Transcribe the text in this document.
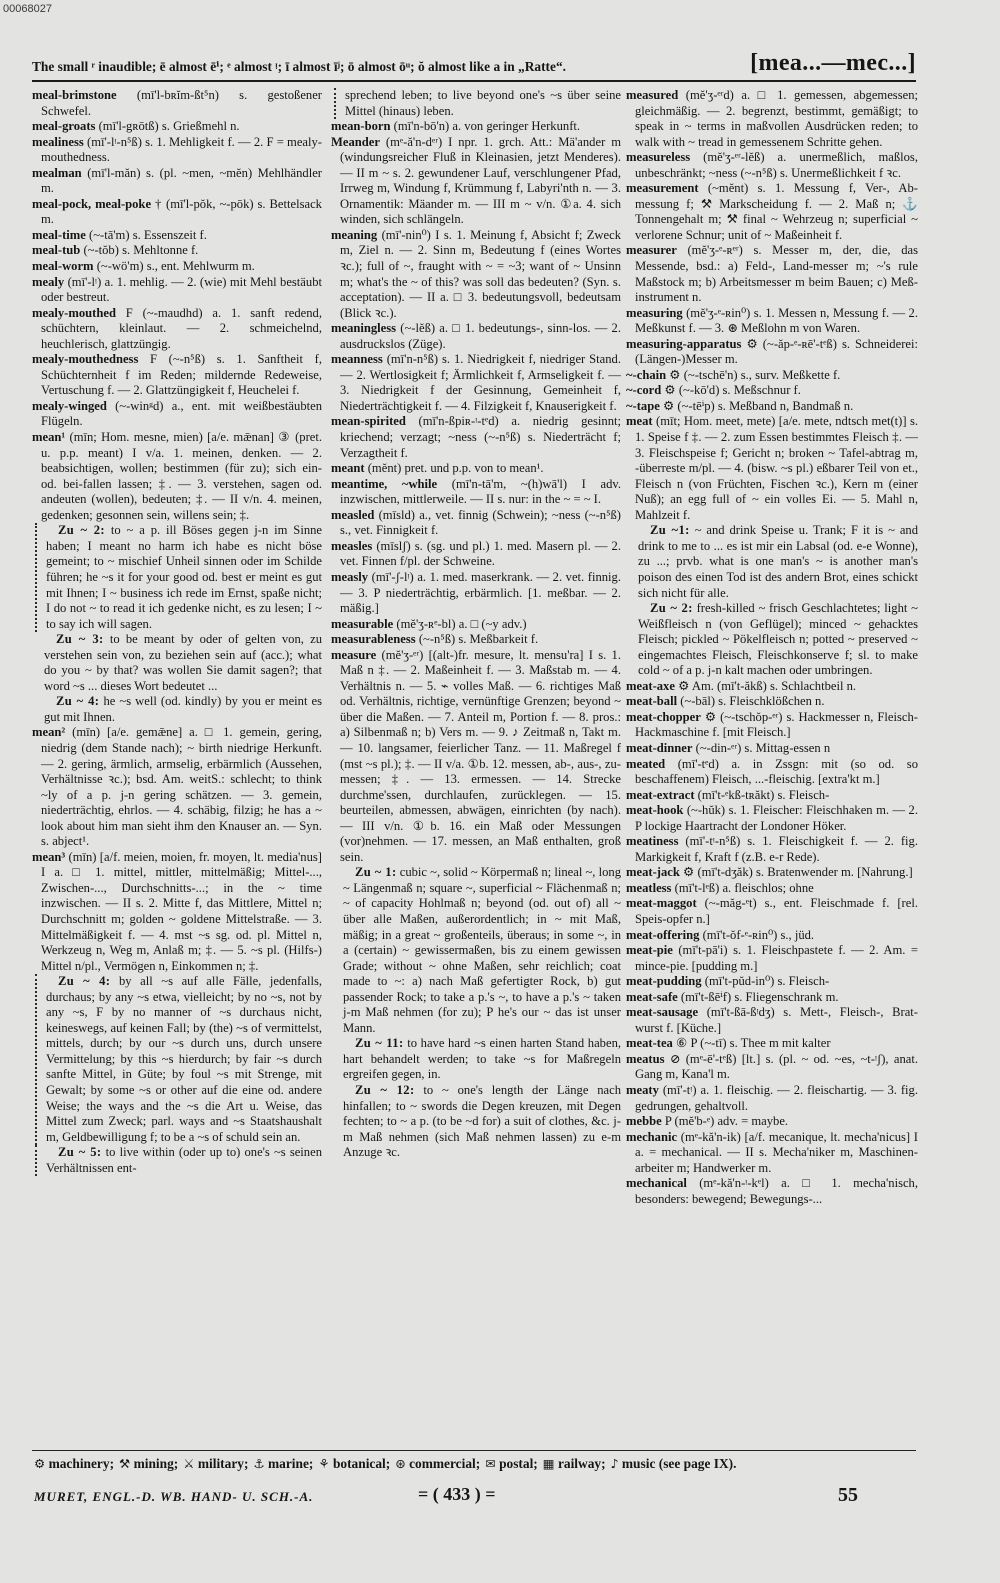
00068027
The small ʳ inaudible; ē almost ēⁱ; ᵉ almost ᵎ; ī almost īʲ; ō almost ōᵘ; ŏ almost like a in „Ratte“.	[mea...—mec...]

meal-brimstone (mī'l-bʀĭm-ßt⁵n) s. gestoßener Schwefel.

meal-groats (mī'l-gʀōtß) s. Grießmehl n.

mealiness (mī'-lᵎ-n⁵ß) s. 1. Mehligkeit f. — 2. F = mealy-mouthedness.

mealman (mī'l-măn) s. (pl. ~men, ~mĕn) Mehlhändler m.

meal-pock, meal-poke † (mī'l-pŏk, ~-pōk) s. Bettelsack m.

meal-time (~-tā'm) s. Essenszeit f.

meal-tub (~-tŏb) s. Mehltonne f.

meal-worm (~-wö'm) s., ent. Mehlwurm m.

mealy (mī'-lᵎ) a. 1. mehlig. — 2. (wie) mit Mehl bestäubt oder bestreut.

mealy-mouthed F (~-maudhd) a. 1. sanft redend, schüchtern, kleinlaut. — 2. schmeichelnd, heuchlerisch, glattzüngig.

mealy-mouthedness F (~-n⁵ß) s. 1. Sanftheit f, Schüchternheit f im Reden; mildernde Redeweise, Vertuschung f. — 2. Glattzüngigkeit f, Heuchelei f.

mealy-winged (~-winᵍd) a., ent. mit weißbestäubten Flügeln.

mean¹ (mīn; Hom. mesne, mien) [a/e. mǣnan] ③ (pret. u. p.p. meant) I v/a. 1. meinen, denken. — 2. beabsichtigen, wollen; bestimmen (für zu); sich ein- od. bei-fallen lassen; ‡. — 3. verstehen, sagen od. andeuten (wollen), bedeuten; ‡. — II v/n. 4. meinen, gedenken; gesonnen sein, willens sein; ‡.

Zu ~ 2: to ~ a p. ill Böses gegen j-n im Sinne haben; I meant no harm ich habe es nicht böse gemeint; to ~ mischief Unheil sinnen oder im Schilde führen; he ~s it for your good od. best er meint es gut mit Ihnen; I ~ business ich rede im Ernst, spaße nicht; I do not ~ to read it ich gedenke nicht, es zu lesen; I ~ to say ich will sagen.

Zu ~ 3: to be meant by oder of gelten von, zu verstehen sein von, zu beziehen sein auf (acc.); what do you ~ by that? was wollen Sie damit sagen?; that word ~s ... dieses Wort bedeutet ...

Zu ~ 4: he ~s well (od. kindly) by you er meint es gut mit Ihnen.

mean² (mīn) [a/e. gemǣne] a. □ 1. gemein, gering, niedrig (dem Stande nach); ~ birth niedrige Herkunft. — 2. gering, ärmlich, armselig, erbärmlich (Aussehen, Verhältnisse ꝛc.); bsd. Am. weitS.: schlecht; to think ~ly of a p. j-n gering schätzen. — 3. gemein, niederträchtig, ehrlos. — 4. schäbig, filzig; he has a ~ look about him man sieht ihm den Knauser an. — Syn. s. abject¹.

mean³ (mīn) [a/f. meien, moien, fr. moyen, lt. media'nus] I a. □ 1. mittel, mittler, mittelmäßig; Mittel-..., Zwischen-..., Durchschnitts-...; in the ~ time inzwischen. — II s. 2. Mitte f, das Mittlere, Mittel n; Durchschnitt m; golden ~ goldene Mittelstraße. — 3. Mittelmäßigkeit f. — 4. mst ~s sg. od. pl. Mittel n, Werkzeug n, Weg m, Anlaß m; ‡. — 5. ~s pl. (Hilfs-) Mittel n/pl., Vermögen n, Einkommen n; ‡.

Zu ~ 4: by all ~s auf alle Fälle, jedenfalls, durchaus; by any ~s etwa, vielleicht; by no ~s, not by any ~s, F by no manner of ~s durchaus nicht, keineswegs, auf keinen Fall; by (the) ~s of vermittelst, mittels, durch; by our ~s durch uns, durch unsere Vermittelung; by this ~s hierdurch; by fair ~s durch sanfte Mittel, in Güte; by foul ~s mit Strenge, mit Gewalt; by some ~s or other auf die eine od. andere Weise; the ways and the ~s die Art u. Weise, das Mittel zum Zweck; parl. ways and ~s Staatshaushalt m, Geldbewilligung f; to be a ~s of schuld sein an.

Zu ~ 5: to live within (oder up to) one's ~s seinen Verhältnissen ent-

sprechend leben; to live beyond one's ~s über seine Mittel (hinaus) leben.

mean-born (mī'n-bō'n) a. von geringer Herkunft.

Meander (mᵉ-ă'n-dᵉʳ) I npr. 1. grch. Att.: Mä'ander m (windungsreicher Fluß in Kleinasien, jetzt Menderes). — II m ~ s. 2. gewundener Lauf, verschlungener Pfad, Irrweg m, Windung f, Krümmung f, Labyri'nth n. — 3. Ornamentik: Mäander m. — III m ~ v/n. ①a. 4. sich winden, sich schlängeln.

meaning (mī'-nin⁰) I s. 1. Meinung f, Absicht f; Zweck m, Ziel n. — 2. Sinn m, Bedeutung f (eines Wortes ꝛc.); full of ~, fraught with ~ = ~3; want of ~ Unsinn m; what's the ~ of this? was soll das bedeuten? (Syn. s. acceptation). — II a. □ 3. bedeutungsvoll, bedeutsam (Blick ꝛc.).

meaningless (~-lĕß) a. □ 1. bedeutungs-, sinn-los. — 2. ausdruckslos (Züge).

meanness (mī'n-n⁵ß) s. 1. Niedrigkeit f, niedriger Stand. — 2. Wertlosigkeit f; Ärmlichkeit f, Armseligkeit f. — 3. Niedrigkeit f der Gesinnung, Gemeinheit f, Niederträchtigkeit f. — 4. Filzigkeit f, Knauserigkeit f.

mean-spirited (mī'n-ßpiʀ-ᵎ-tᵉd) a. niedrig gesinnt; kriechend; verzagt; ~ness (~-n⁵ß) s. Niederträcht f; Verzagtheit f.

meant (mĕnt) pret. und p.p. von to mean¹.

meantime, ~while (mī'n-tā'm, ~(h)wā'l) I adv. inzwischen, mittlerweile. — II s. nur: in the ~ = ~ I.

measled (mīsld) a., vet. finnig (Schwein); ~ness (~-n⁵ß) s., vet. Finnigkeit f.

measles (mīslʃ) s. (sg. und pl.) 1. med. Masern pl. — 2. vet. Finnen f/pl. der Schweine.

measly (mī'-ʃ-lᵎ) a. 1. med. maserkrank. — 2. vet. finnig. — 3. P niederträchtig, erbärmlich. [1. meßbar. — 2. mäßig.]

measurable (mĕ'ʒ-ʀᵉ-bl) a. □ (~y adv.)

measurableness (~-n⁵ß) s. Meßbarkeit f.

measure (mĕ'ʒ-ᵉʳ) [(alt-)fr. mesure, lt. mensu'ra] I s. 1. Maß n ‡. — 2. Maßeinheit f. — 3. Maßstab m. — 4. Verhältnis n. — 5. ⌁ volles Maß. — 6. richtiges Maß od. Verhältnis, richtige, vernünftige Grenzen; beyond ~ über die Maßen. — 7. Anteil m, Portion f. — 8. pros.: a) Silbenmaß n; b) Vers m. — 9. ♪ Zeitmaß n, Takt m. — 10. langsamer, feierlicher Tanz. — 11. Maßregel f (mst ~s pl.); ‡. — II v/a. ①b. 12. messen, ab-, aus-, zu-messen; ‡. — 13. ermessen. — 14. Strecke durchme'ssen, durchlaufen, zurücklegen. — 15. beurteilen, abmessen, abwägen, einrichten (by nach). — III v/n. ①b. 16. ein Maß oder Messungen (vor)nehmen. — 17. messen, an Maß enthalten, groß sein.

Zu ~ 1: cubic ~, solid ~ Körpermaß n; lineal ~, long ~ Längenmaß n; square ~, superficial ~ Flächenmaß n; ~ of capacity Hohlmaß n; beyond (od. out of) all ~ über alle Maßen, außerordentlich; in ~ mit Maß, mäßig; in a great ~ großenteils, überaus; in some ~, in a (certain) ~ gewissermaßen, bis zu einem gewissen Grade; without ~ ohne Maßen, sehr reichlich; coat made to ~: a) nach Maß gefertigter Rock, b) gut passender Rock; to take a p.'s ~, to have a p.'s ~ taken j-m Maß nehmen (for zu); P he's our ~ das ist unser Mann.

Zu ~ 11: to have hard ~s einen harten Stand haben, hart behandelt werden; to take ~s for Maßregeln ergreifen gegen, in.

Zu ~ 12: to ~ one's length der Länge nach hinfallen; to ~ swords die Degen kreuzen, mit Degen fechten; to ~ a p. (to be ~d for) a suit of clothes, &c. j-m Maß nehmen (sich Maß nehmen lassen) zu e-m Anzuge ꝛc.

measured (mĕ'ʒ-ᵉʳd) a. □ 1. gemessen, abgemessen; gleichmäßig. — 2. begrenzt, bestimmt, gemäßigt; to speak in ~ terms in maßvollen Ausdrücken reden; to walk with ~ tread in gemessenem Schritte gehen.

measureless (mĕ'ʒ-ᵉʳ-lĕß) a. unermeßlich, maßlos, unbeschränkt; ~ness (~-n⁵ß) s. Unermeßlichkeit f ꝛc.

measurement (~mĕnt) s. 1. Messung f, Ver-, Ab-messung f; ⚒ Markscheidung f. — 2. Maß n; ⚓ Tonnengehalt m; ⚒ final ~ Wehrzeug n; superficial ~ verlorene Schnur; unit of ~ Maßeinheit f.

measurer (mĕ'ʒ-ᵉ-ʀᵉʳ) s. Messer m, der, die, das Messende, bsd.: a) Feld-, Land-messer m; ~'s rule Maßstock m; b) Arbeitsmesser m beim Bauen; c) Meß-instrument n.

measuring (mĕ'ʒ-ᵉ-ʀin⁰) s. 1. Messen n, Messung f. — 2. Meßkunst f. — 3. ⊛ Meßlohn m von Waren.

measuring-apparatus ⚙ (~-ăp-ᵉ-ʀē'-tᵉß) s. Schneiderei: (Längen-)Messer m.

~-chain ⚙ (~-tschē'n) s., surv. Meßkette f.

~-cord ⚙ (~-kō'd) s. Meßschnur f.

~-tape ⚙ (~-tēⁱp) s. Meßband n, Bandmaß n.

meat (mīt; Hom. meet, mete) [a/e. mete, ndtsch met(t)] s. 1. Speise f ‡. — 2. zum Essen bestimmtes Fleisch ‡. — 3. Fleischspeise f; Gericht n; broken ~ Tafel-abtrag m, -überreste m/pl. — 4. (bisw. ~s pl.) eßbarer Teil von et., Fleisch n (von Früchten, Fischen ꝛc.), Kern m (einer Nuß); an egg full of ~ ein volles Ei. — 5. Mahl n, Mahlzeit f.

Zu ~1: ~ and drink Speise u. Trank; F it is ~ and drink to me to ... es ist mir ein Labsal (od. e-e Wonne), zu ...; prvb. what is one man's ~ is another man's poison des einen Tod ist des andern Brot, eines schickt sich nicht für alle.

Zu ~ 2: fresh-killed ~ frisch Geschlachtetes; light ~ Weißfleisch n (von Geflügel); minced ~ gehacktes Fleisch; pickled ~ Pökelfleisch n; potted ~ preserved ~ eingemachtes Fleisch, Fleischkonserve f; sl. to make cold ~ of a p. j-n kalt machen oder umbringen.

meat-axe ⚙ Am. (mī't-ăkß) s. Schlachtbeil n.

meat-ball (~-bāl) s. Fleischklößchen n.

meat-chopper ⚙ (~-tschŏp-ᵉʳ) s. Hackmesser n, Fleisch-Hackmaschine f. [mit Fleisch.]

meat-dinner (~-din-ᵉʳ) s. Mittag-essen n

meated (mī'-tᵉd) a. in Zssgn: mit (so od. so beschaffenem) Fleisch, ...-fleischig. [extra'kt m.]

meat-extract (mī't-ᵉkß-tʀăkt) s. Fleisch-

meat-hook (~-hŭk) s. 1. Fleischer: Fleischhaken m. — 2. P lockige Haartracht der Londoner Höker.

meatiness (mī'-tᵎ-n⁵ß) s. 1. Fleischigkeit f. — 2. fig. Markigkeit f, Kraft f (z.B. e-r Rede).

meat-jack ⚙ (mī't-dʒăk) s. Bratenwender m. [Nahrung.]

meatless (mī't-lᵉß) a. fleischlos; ohne

meat-maggot (~-măg-ᵉt) s., ent. Fleischmade f. [rel. Speis-opfer n.]

meat-offering (mī't-ŏf-ᵉ-ʀin⁰) s., jüd.

meat-pie (mī't-pā'i) s. 1. Fleischpastete f. — 2. Am. = mince-pie. [pudding m.]

meat-pudding (mī't-pŭd-in⁰) s. Fleisch-

meat-safe (mī't-ßēⁱf) s. Fliegenschrank m.

meat-sausage (mī't-ßā-ßᵎdʒ) s. Mett-, Fleisch-, Brat-wurst f. [Küche.]

meat-tea ⑥ P (~-tī) s. Thee m mit kalter

meatus ⊘ (mᵉ-ē'-tᵉß) [lt.] s. (pl. ~ od. ~es, ~t-ᵎʃ), anat. Gang m, Kana'l m.

meaty (mī'-tᵎ) a. 1. fleischig. — 2. fleischartig. — 3. fig. gedrungen, gehaltvoll.

mebbe P (mĕ'b-ᵉ) adv. = maybe.

mechanic (mᵉ-kă'n-ik) [a/f. mecanique, lt. mecha'nicus] I a. = mechanical. — II s. Mecha'niker m, Maschinen-arbeiter m; Handwerker m.

mechanical (mᵉ-kă'n-ᵎ-kᵉl) a. □ 1. mecha'nisch, besonders: bewegend; Bewegungs-...

⚙ machinery; ⚒ mining; ⚔ military; ⚓ marine; ⚘ botanical; ⊛ commercial; ✉ postal; ▦ railway; ♪ music (see page IX).
MURET, ENGL.-D. WB. HAND- U. SCH.-A.	= ( 433 ) =	55
